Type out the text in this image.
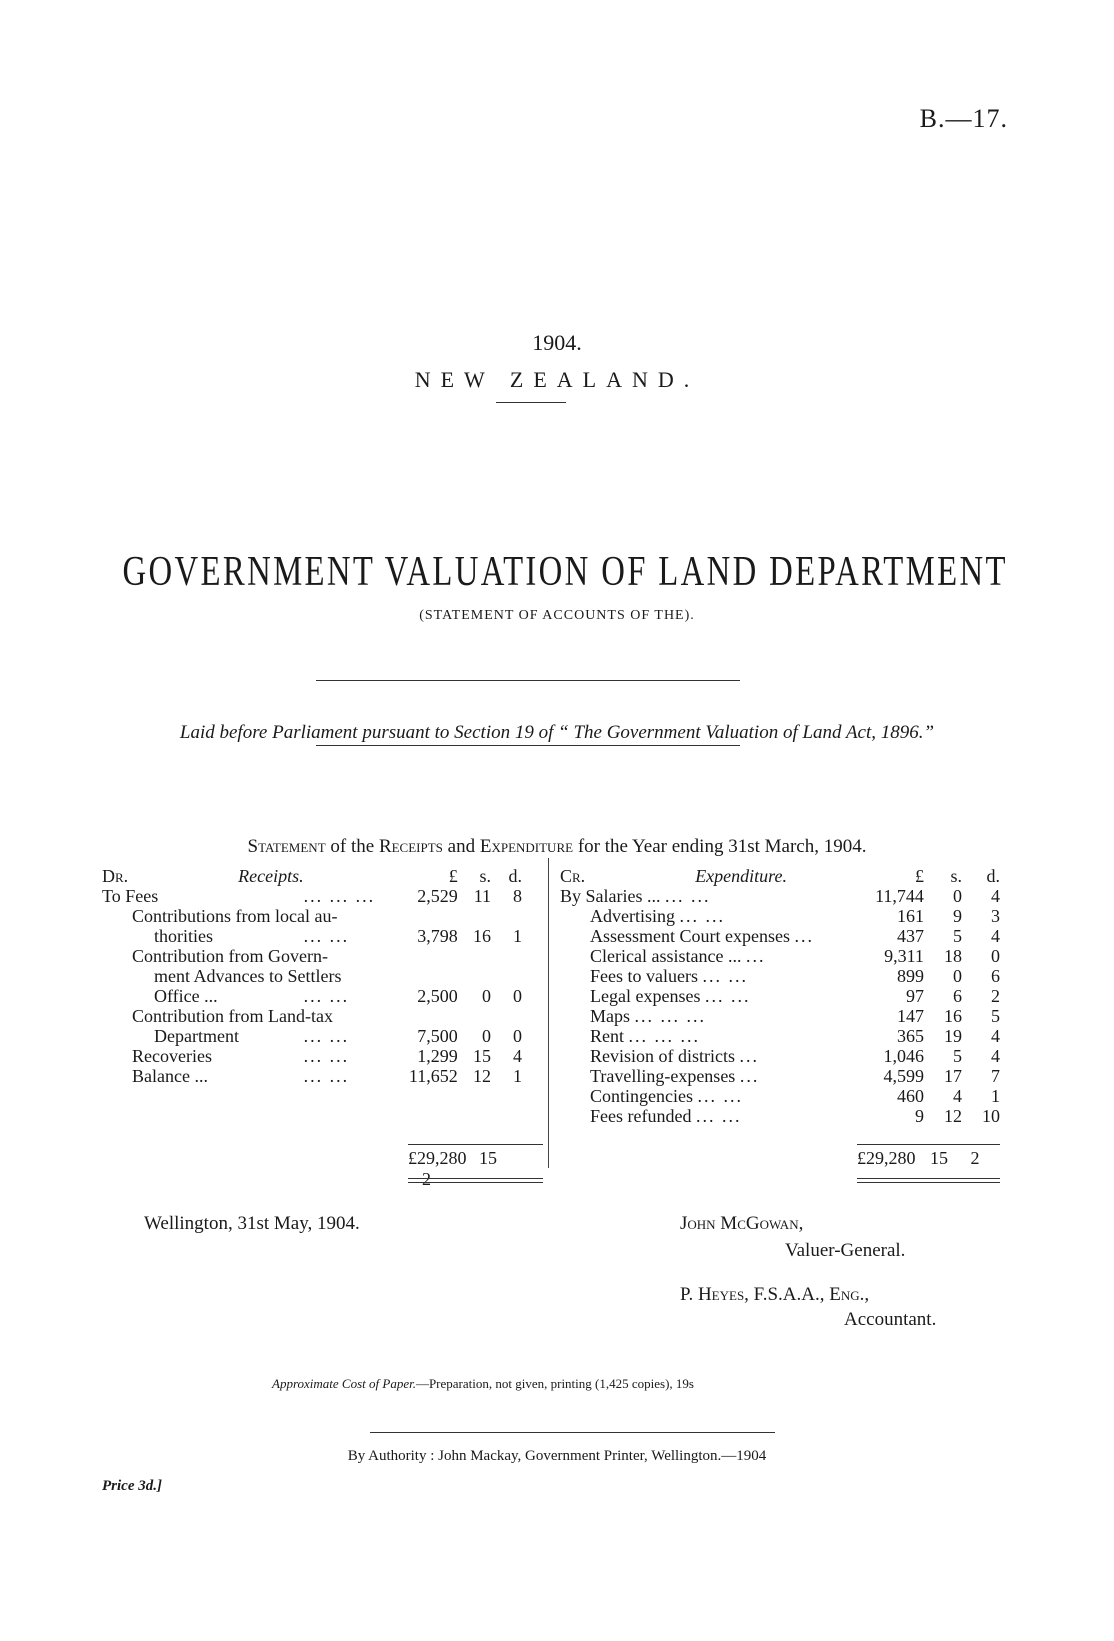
B.—17.
1904.
NEW ZEALAND.
GOVERNMENT VALUATION OF LAND DEPARTMENT
(STATEMENT OF ACCOUNTS OF THE).
Laid before Parliament pursuant to Section 19 of “ The Government Valuation of Land Act, 1896.”
Statement of the Receipts and Expenditure for the Year ending 31st March, 1904.
Dr. Receipts.		£	s.	d.
To Fees	... ... ...	2,529	11	8
Contributions from local au-				
thorities	... ...	3,798	16	1
Contribution from Govern-				
ment Advances to Settlers				
Office ...	... ...	2,500	0	0
Contribution from Land-tax				
Department	... ...	7,500	0	0
Recoveries	... ...	1,299	15	4
Balance ...	... ...	11,652	12	1
£29,280 15 2
Cr. Expenditure.		£	s.	d.
By Salaries ... ... ...		11,744	0	4
Advertising ... ...		161	9	3
Assessment Court expenses ...		437	5	4
Clerical assistance ... ...		9,311	18	0
Fees to valuers ... ...		899	0	6
Legal expenses ... ...		97	6	2
Maps ... ... ...		147	16	5
Rent ... ... ...		365	19	4
Revision of districts ...		1,046	5	4
Travelling-expenses ...		4,599	17	7
Contingencies ... ...		460	4	1
Fees refunded ... ...		9	12	10
£29,280 15 2
Wellington, 31st May, 1904.	John McGowan,
Valuer-General.
P. Heyes, F.S.A.A., Eng.,
Accountant.
Approximate Cost of Paper.—Preparation, not given, printing (1,425 copies), 19s
By Authority : John Mackay, Government Printer, Wellington.—1904
Price 3d.]
